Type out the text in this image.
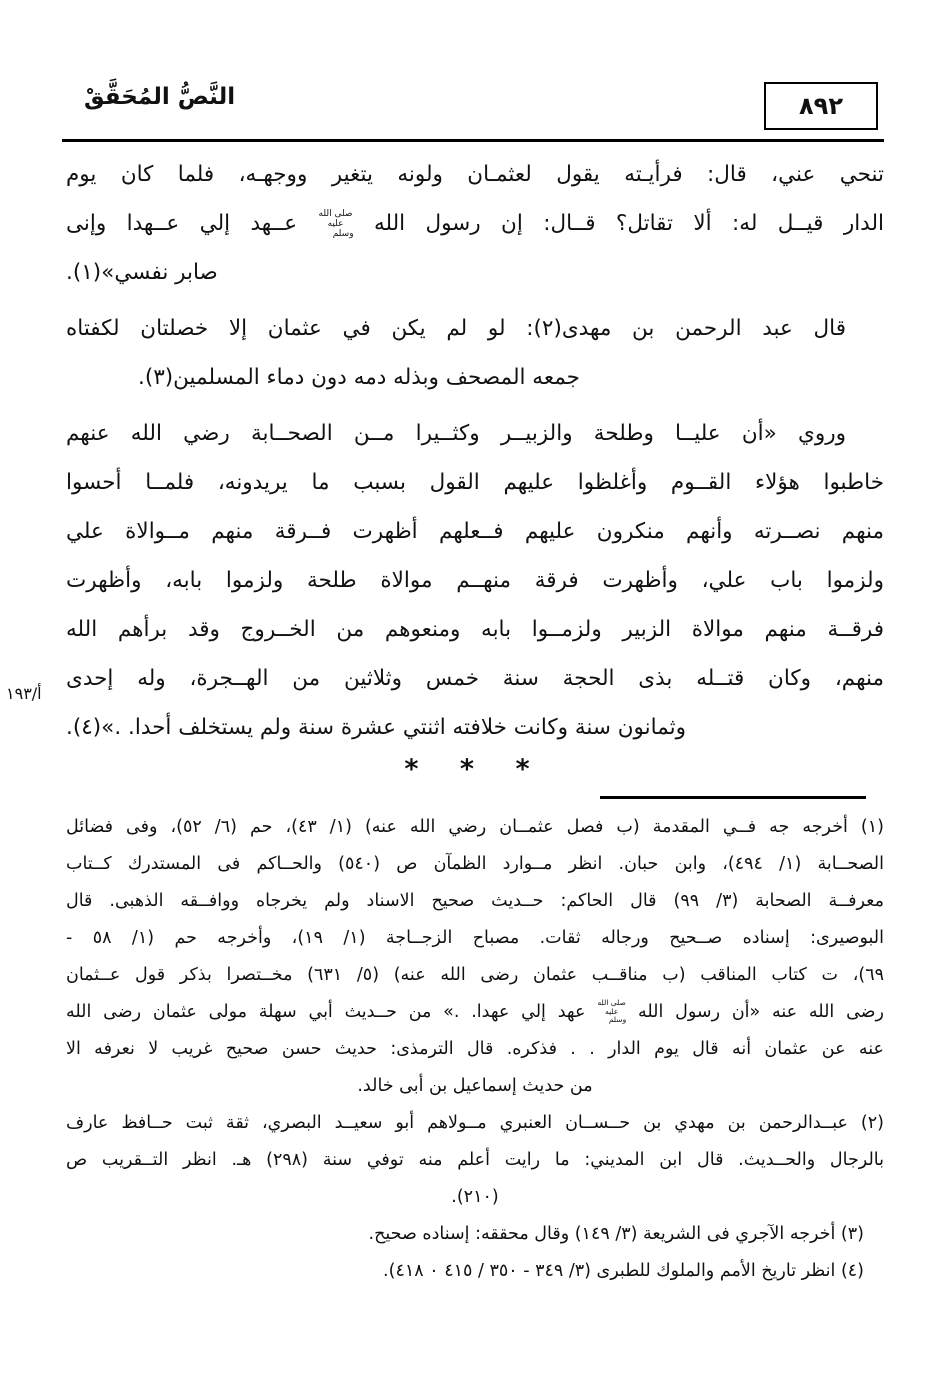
النَّصُّ المُحَقَّقْ	٨٩٢
أ/١٩٣
تنحي عني، قال: فرأيـته يقول لعثمـان ولونه يتغير ووجهـه، فلما كان يوم
الدار قيــل له: ألا تقاتل؟ قــال: إن رسول الله صلى الله عليه وسلم عــهد إلي عــهدا وإنى
صابر نفسي»(١).
قال عبد الرحمن بن مهدى(٢): لو لم يكن في عثمان إلا خصلتان لكفتاه
جمعه المصحف وبذله دمه دون دماء المسلمين(٣).
وروي «أن عليــا وطلحة والزبيــر وكثــيرا مــن الصحــابة رضي الله عنهم
خاطبوا هؤلاء القــوم وأغلظوا عليهم القول بسبب ما يريدونه، فلمــا أحسوا
منهم نصــرته وأنهم منكرون عليهم فــعلهم أظهرت فــرقة منهم مــوالاة علي
ولزموا باب علي، وأظهرت فرقة منهــم موالاة طلحة ولزموا بابه، وأظهرت
فرقــة منهم موالاة الزبير ولزمــوا بابه ومنعوهم من الخــروج وقد برأهم الله
منهم، وكان قتــله بذى الحجة سنة خمس وثلاثين من الهــجرة، وله إحدى
وثمانون سنة وكانت خلافته اثنتي عشرة سنة ولم يستخلف أحدا. .»(٤).
* * *
(١) أخرجه جه فــي المقدمة (ب فصل عثمــان رضي الله عنه) (١/ ٤٣)، حم (٦/ ٥٢)، وفى فضائل
الصحــابة (١/ ٤٩٤)، وابن حبان. انظر مــوارد الظمآن ص (٥٤٠) والحــاكم فى المستدرك كــتاب
معرفــة الصحابة (٣/ ٩٩) قال الحاكم: حــديث صحيح الاسناد ولم يخرجاه ووافــقه الذهبى. قال
البوصيرى: إسناده صــحيح ورجاله ثقات. مصباح الزجــاجة (١/ ١٩)، وأخرجه حم (١/ ٥٨ -
٦٩)، ت كتاب المناقب (ب مناقــب عثمان رضى الله عنه) (٥/ ٦٣١) مخــتصرا بذكر قول عــثمان
رضى الله عنه «أن رسول الله صلى الله عليه وسلم عهد إلي عهدا. .» من حــديث أبي سهلة مولى عثمان رضى الله
عنه عن عثمان أنه قال يوم الدار . . فذكره. قال الترمذى: حديث حسن صحيح غريب لا نعرفه الا
من حديث إسماعيل بن أبى خالد.
(٢) عبــدالرحمن بن مهدي بن حــســان العنبري مــولاهم أبو سعيــد البصري، ثقة ثبت حــافظ عارف
بالرجال والحــديث. قال ابن المديني: ما رايت أعلم منه توفي سنة (٢٩٨) هـ. انظر التــقريب ص
(٢١٠).
(٣) أخرجه الآجري فى الشريعة (٣/ ١٤٩) وقال محققه: إسناده صحيح.
(٤) انظر تاريخ الأمم والملوك للطبرى (٣/ ٣٤٩ - ٣٥٠ / ٤١٥ ٠ ٤١٨).
